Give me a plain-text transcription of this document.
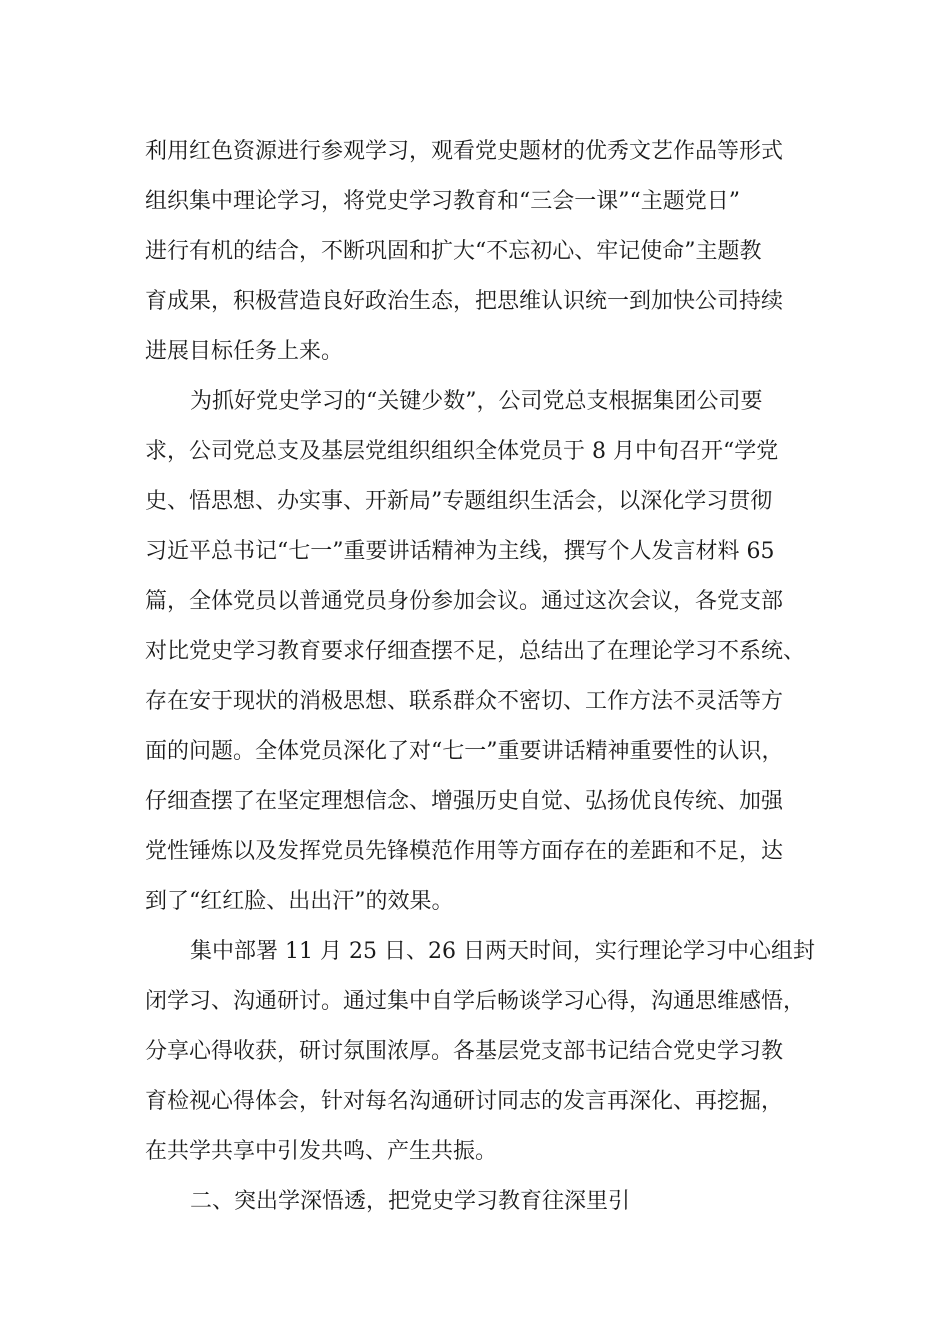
利用红色资源进行参观学习，观看党史题材的优秀文艺作品等形式

组织集中理论学习，将党史学习教育和“三会一课”“主题党日”

进行有机的结合，不断巩固和扩大“不忘初心、牢记使命”主题教

育成果，积极营造良好政治生态，把思维认识统一到加快公司持续

进展目标任务上来。

为抓好党史学习的“关键少数”，公司党总支根据集团公司要

求，公司党总支及基层党组织组织全体党员于 8 月中旬召开“学党

史、悟思想、办实事、开新局”专题组织生活会，以深化学习贯彻

习近平总书记“七一”重要讲话精神为主线，撰写个人发言材料 65

篇，全体党员以普通党员身份参加会议。通过这次会议，各党支部

对比党史学习教育要求仔细查摆不足，总结出了在理论学习不系统、

存在安于现状的消极思想、联系群众不密切、工作方法不灵活等方

面的问题。全体党员深化了对“七一”重要讲话精神重要性的认识，

仔细查摆了在坚定理想信念、增强历史自觉、弘扬优良传统、加强

党性锤炼以及发挥党员先锋模范作用等方面存在的差距和不足，达

到了“红红脸、出出汗”的效果。

集中部署 11 月 25 日、26 日两天时间，实行理论学习中心组封

闭学习、沟通研讨。通过集中自学后畅谈学习心得，沟通思维感悟，

分享心得收获，研讨氛围浓厚。各基层党支部书记结合党史学习教

育检视心得体会，针对每名沟通研讨同志的发言再深化、再挖掘，

在共学共享中引发共鸣、产生共振。

二、突出学深悟透，把党史学习教育往深里引
